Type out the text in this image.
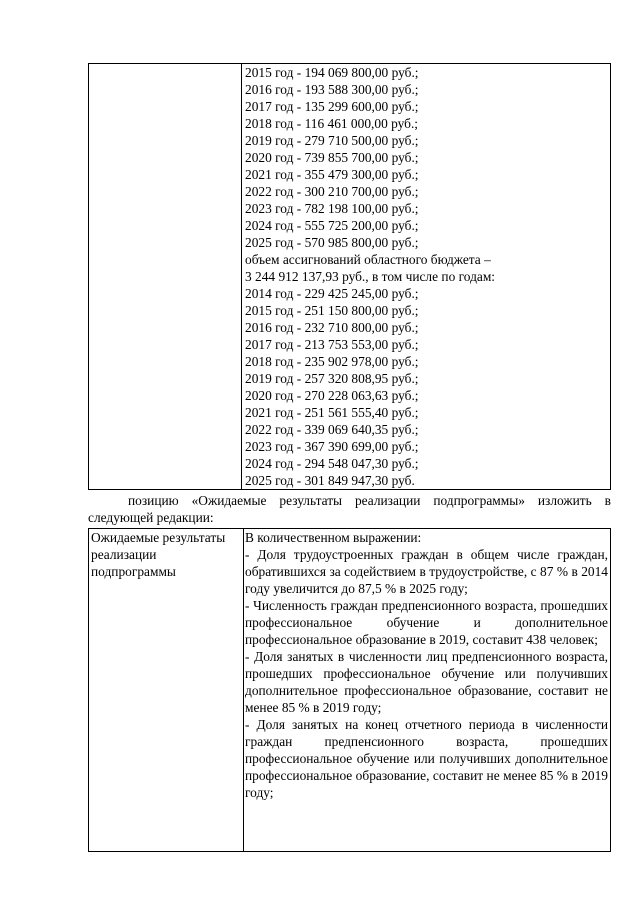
2015 год - 194 069 800,00 руб.;
2016 год - 193 588 300,00 руб.;
2017 год - 135 299 600,00 руб.;
2018 год - 116 461 000,00 руб.;
2019 год - 279 710 500,00 руб.;
2020 год - 739 855 700,00 руб.;
2021 год - 355 479 300,00 руб.;
2022 год - 300 210 700,00 руб.;
2023 год - 782 198 100,00 руб.;
2024 год - 555 725 200,00 руб.;
2025 год - 570 985 800,00 руб.;
объем ассигнований областного бюджета –
3 244 912 137,93 руб., в том числе по годам:
2014 год - 229 425 245,00 руб.;
2015 год - 251 150 800,00 руб.;
2016 год - 232 710 800,00 руб.;
2017 год - 213 753 553,00 руб.;
2018 год - 235 902 978,00 руб.;
2019 год - 257 320 808,95 руб.;
2020 год - 270 228 063,63 руб.;
2021 год - 251 561 555,40 руб.;
2022 год - 339 069 640,35 руб.;
2023 год - 367 390 699,00 руб.;
2024 год - 294 548 047,30 руб.;
2025 год - 301 849 947,30 руб.
позицию «Ожидаемые результаты реализации подпрограммы» изложить в следующей редакции:
Ожидаемые результаты реализации подпрограммы	
В количественном выражении:
- Доля трудоустроенных граждан в общем числе граждан, обратившихся за содействием в трудоустройстве, с 87 % в 2014 году увеличится до 87,5 % в 2025 году;
- Численность граждан предпенсионного возраста, прошедших профессиональное обучение и дополнительное профессиональное образование в 2019, составит 438 человек;
- Доля занятых в численности лиц предпенсионного возраста, прошедших профессиональное обучение или получивших дополнительное профессиональное образование, составит не менее 85 % в 2019 году;
- Доля занятых на конец отчетного периода в численности граждан предпенсионного возраста, прошедших профессиональное обучение или получивших дополнительное профессиональное образование, составит не менее 85 % в 2019 году;
